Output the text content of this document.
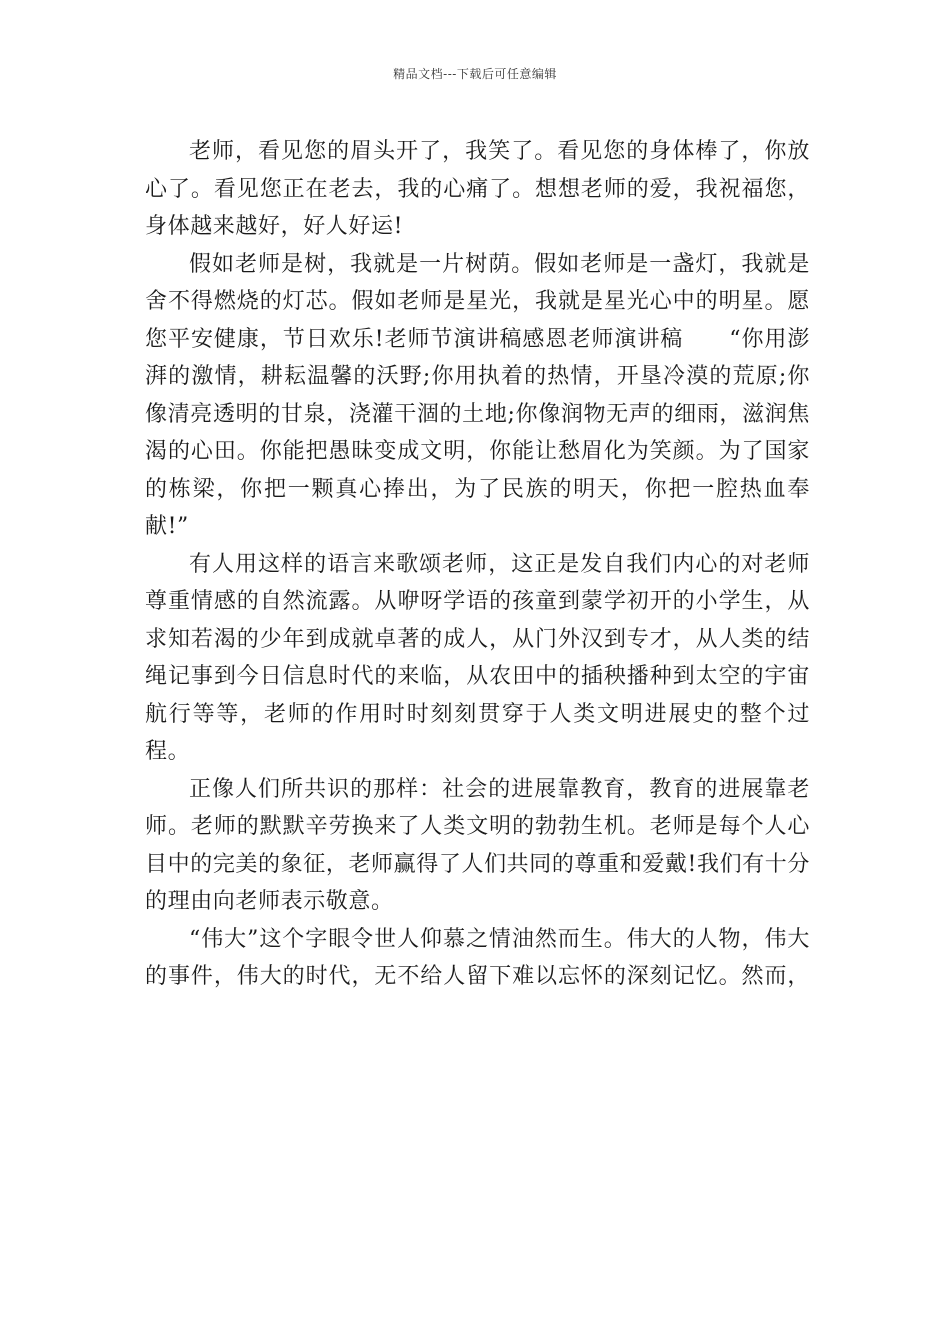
精品文档---下载后可任意编辑

老师，看见您的眉头开了，我笑了。看见您的身体棒了，你放心了。看见您正在老去，我的心痛了。想想老师的爱，我祝福您，身体越来越好，好人好运!

假如老师是树，我就是一片树荫。假如老师是一盏灯，我就是舍不得燃烧的灯芯。假如老师是星光，我就是星光心中的明星。愿您平安健康，节日欢乐!老师节演讲稿感恩老师演讲稿　　“你用澎湃的激情，耕耘温馨的沃野;你用执着的热情，开垦冷漠的荒原;你像清亮透明的甘泉，浇灌干涸的土地;你像润物无声的细雨，滋润焦渴的心田。你能把愚昧变成文明，你能让愁眉化为笑颜。为了国家的栋梁，你把一颗真心捧出，为了民族的明天，你把一腔热血奉献!”

有人用这样的语言来歌颂老师，这正是发自我们内心的对老师尊重情感的自然流露。从咿呀学语的孩童到蒙学初开的小学生，从求知若渴的少年到成就卓著的成人，从门外汉到专才，从人类的结绳记事到今日信息时代的来临，从农田中的插秧播种到太空的宇宙航行等等，老师的作用时时刻刻贯穿于人类文明进展史的整个过程。

正像人们所共识的那样：社会的进展靠教育，教育的进展靠老师。老师的默默辛劳换来了人类文明的勃勃生机。老师是每个人心目中的完美的象征，老师赢得了人们共同的尊重和爱戴!我们有十分的理由向老师表示敬意。

“伟大”这个字眼令世人仰慕之情油然而生。伟大的人物，伟大的事件，伟大的时代，无不给人留下难以忘怀的深刻记忆。然而，
